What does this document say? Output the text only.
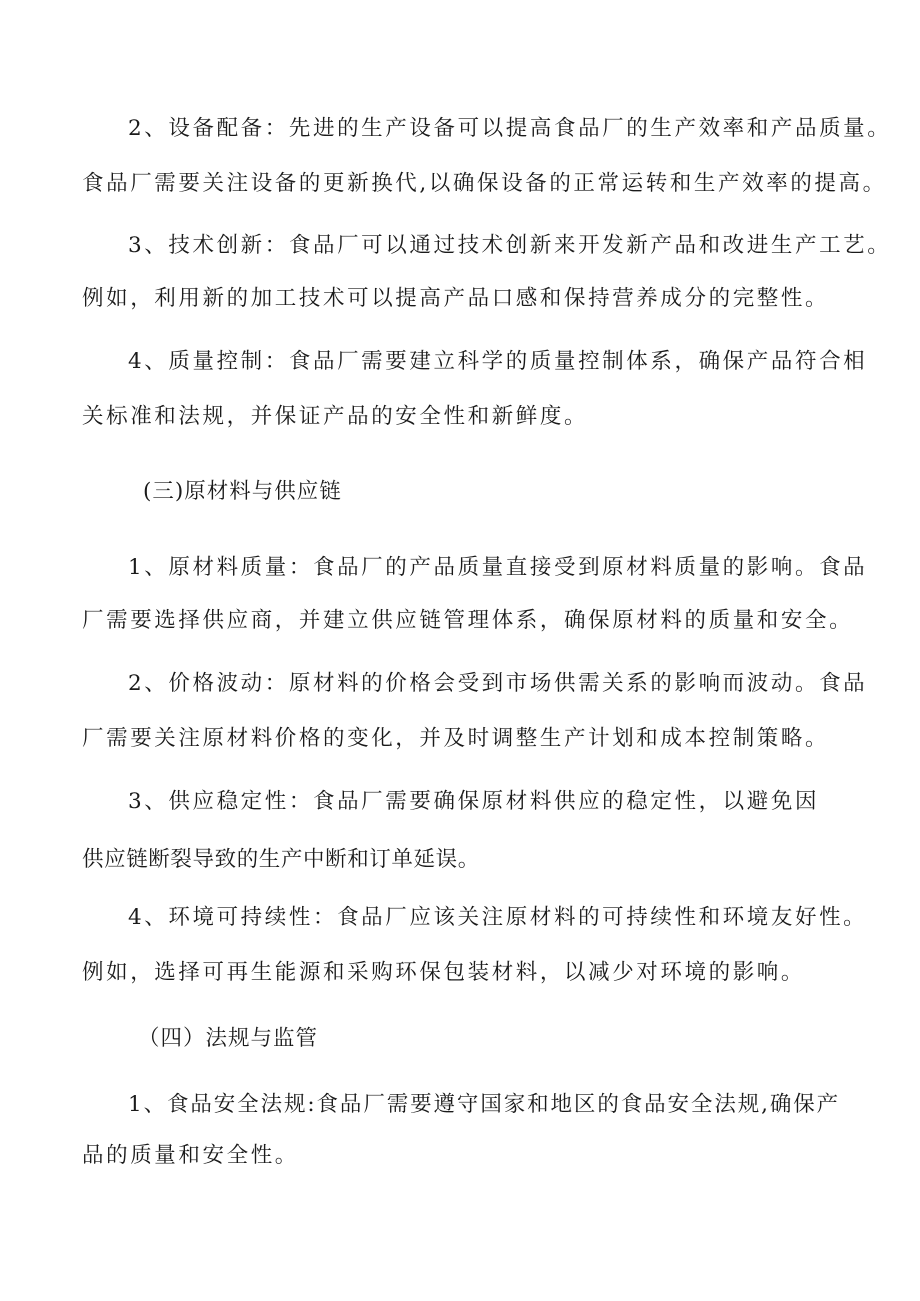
2、设备配备：先进的生产设备可以提高食品厂的生产效率和产品质量。
食品厂需要关注设备的更新换代,以确保设备的正常运转和生产效率的提高。
3、技术创新：食品厂可以通过技术创新来开发新产品和改进生产工艺。
例如，利用新的加工技术可以提高产品口感和保持营养成分的完整性。
4、质量控制：食品厂需要建立科学的质量控制体系，确保产品符合相
关标准和法规，并保证产品的安全性和新鲜度。
(三)原材料与供应链
1、原材料质量：食品厂的产品质量直接受到原材料质量的影响。食品
厂需要选择供应商，并建立供应链管理体系，确保原材料的质量和安全。
2、价格波动：原材料的价格会受到市场供需关系的影响而波动。食品
厂需要关注原材料价格的变化，并及时调整生产计划和成本控制策略。
3、供应稳定性：食品厂需要确保原材料供应的稳定性，以避免因
供应链断裂导致的生产中断和订单延误。
4、环境可持续性：食品厂应该关注原材料的可持续性和环境友好性。
例如，选择可再生能源和采购环保包装材料，以减少对环境的影响。
（四）法规与监管
1、食品安全法规:食品厂需要遵守国家和地区的食品安全法规,确保产
品的质量和安全性。
